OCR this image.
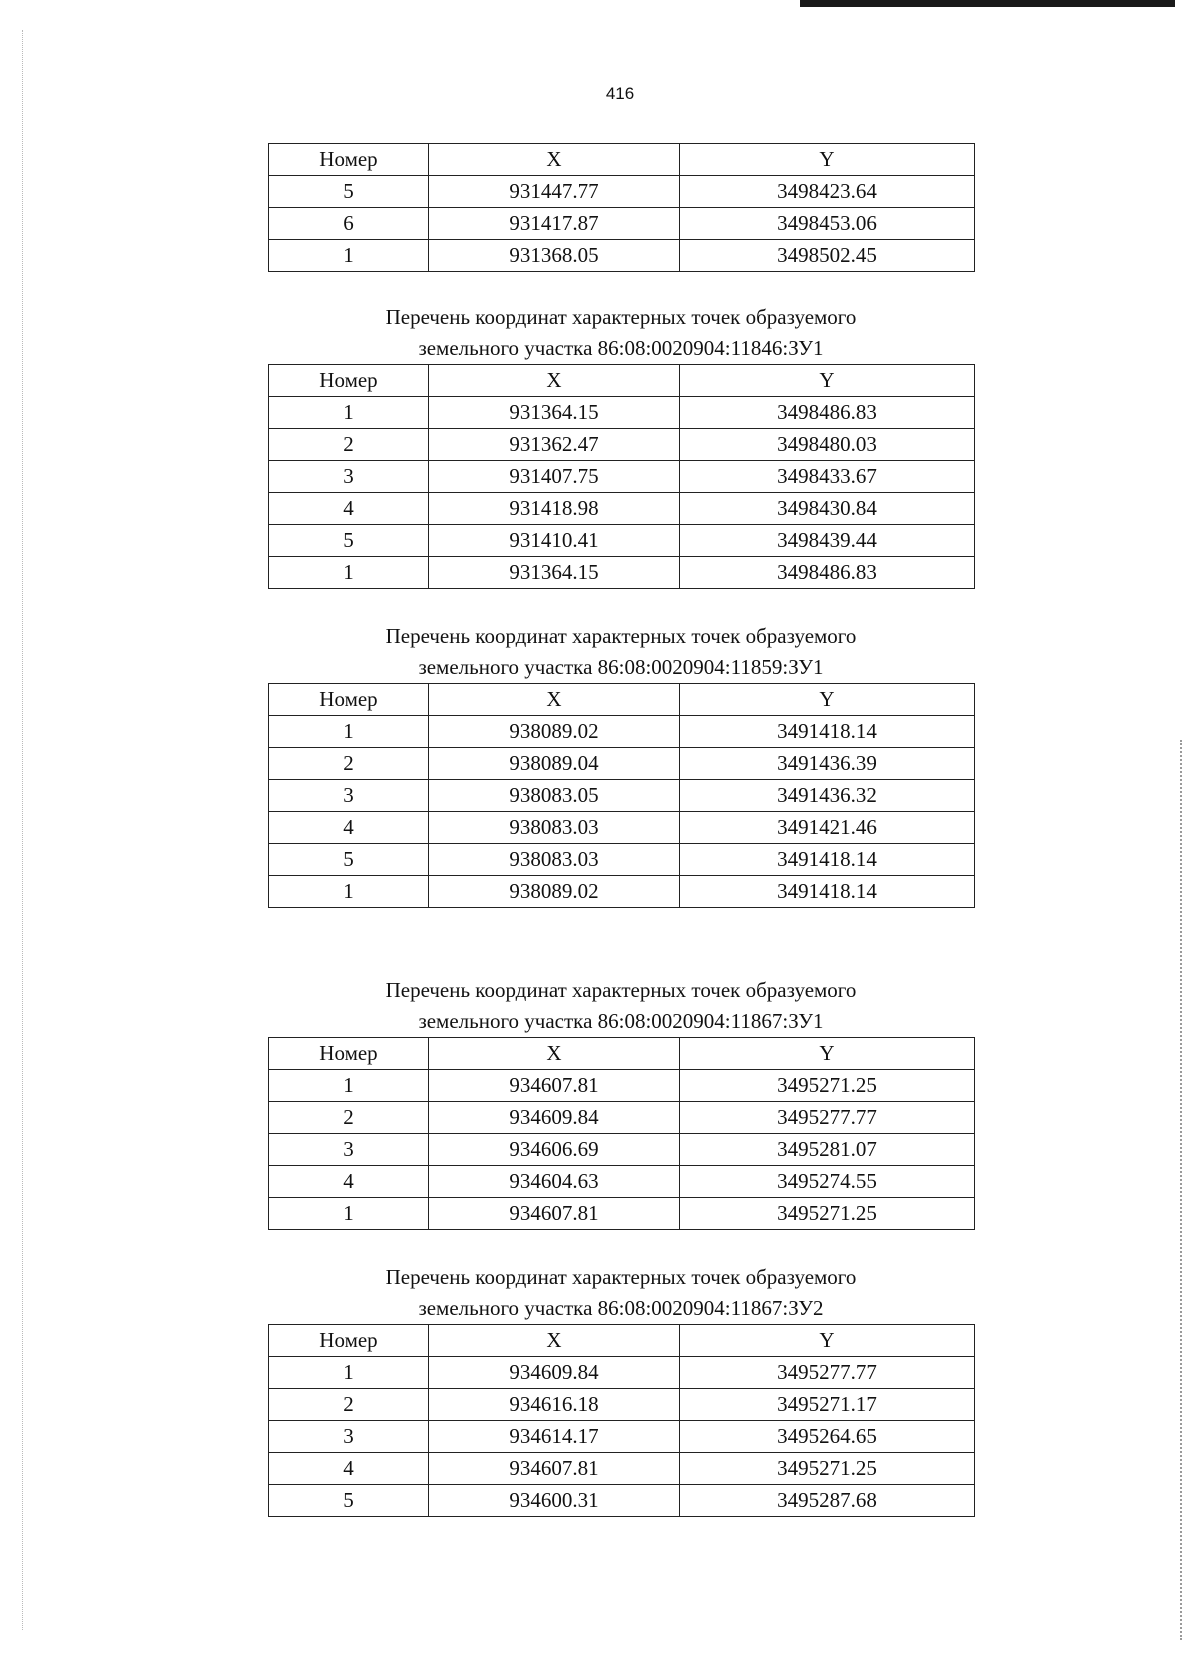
416
Номер	X	Y
5	931447.77	3498423.64
6	931417.87	3498453.06
1	931368.05	3498502.45
Перечень координат характерных точек образуемого
земельного участка 86:08:0020904:11846:ЗУ1
Номер	X	Y
1	931364.15	3498486.83
2	931362.47	3498480.03
3	931407.75	3498433.67
4	931418.98	3498430.84
5	931410.41	3498439.44
1	931364.15	3498486.83
Перечень координат характерных точек образуемого
земельного участка 86:08:0020904:11859:ЗУ1
Номер	X	Y
1	938089.02	3491418.14
2	938089.04	3491436.39
3	938083.05	3491436.32
4	938083.03	3491421.46
5	938083.03	3491418.14
1	938089.02	3491418.14
Перечень координат характерных точек образуемого
земельного участка 86:08:0020904:11867:ЗУ1
Номер	X	Y
1	934607.81	3495271.25
2	934609.84	3495277.77
3	934606.69	3495281.07
4	934604.63	3495274.55
1	934607.81	3495271.25
Перечень координат характерных точек образуемого
земельного участка 86:08:0020904:11867:ЗУ2
Номер	X	Y
1	934609.84	3495277.77
2	934616.18	3495271.17
3	934614.17	3495264.65
4	934607.81	3495271.25
5	934600.31	3495287.68
